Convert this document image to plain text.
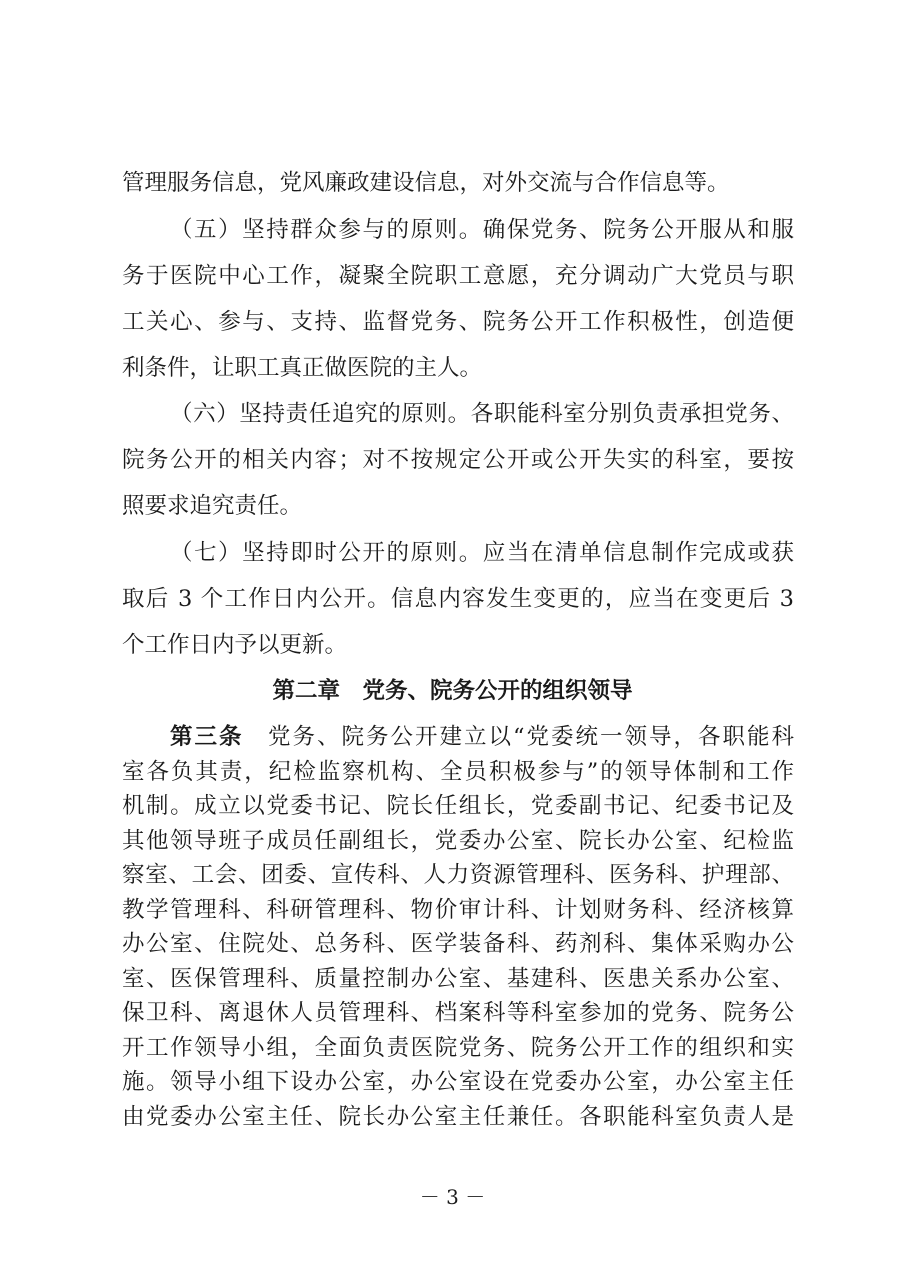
管理服务信息，党风廉政建设信息，对外交流与合作信息等。
（五）坚持群众参与的原则。确保党务、院务公开服从和服
务于医院中心工作，凝聚全院职工意愿，充分调动广大党员与职
工关心、参与、支持、监督党务、院务公开工作积极性，创造便
利条件，让职工真正做医院的主人。
（六）坚持责任追究的原则。各职能科室分别负责承担党务、
院务公开的相关内容；对不按规定公开或公开失实的科室，要按
照要求追究责任。
（七）坚持即时公开的原则。应当在清单信息制作完成或获
取后 3 个工作日内公开。信息内容发生变更的，应当在变更后 3
个工作日内予以更新。
第二章　党务、院务公开的组织领导
第三条　党务、院务公开建立以“党委统一领导，各职能科
室各负其责，纪检监察机构、全员积极参与”的领导体制和工作
机制。成立以党委书记、院长任组长，党委副书记、纪委书记及
其他领导班子成员任副组长，党委办公室、院长办公室、纪检监
察室、工会、团委、宣传科、人力资源管理科、医务科、护理部、
教学管理科、科研管理科、物价审计科、计划财务科、经济核算
办公室、住院处、总务科、医学装备科、药剂科、集体采购办公
室、医保管理科、质量控制办公室、基建科、医患关系办公室、
保卫科、离退休人员管理科、档案科等科室参加的党务、院务公
开工作领导小组，全面负责医院党务、院务公开工作的组织和实
－ 3 －
施。领导小组下设办公室，办公室设在党委办公室，办公室主任
由党委办公室主任、院长办公室主任兼任。各职能科室负责人是
